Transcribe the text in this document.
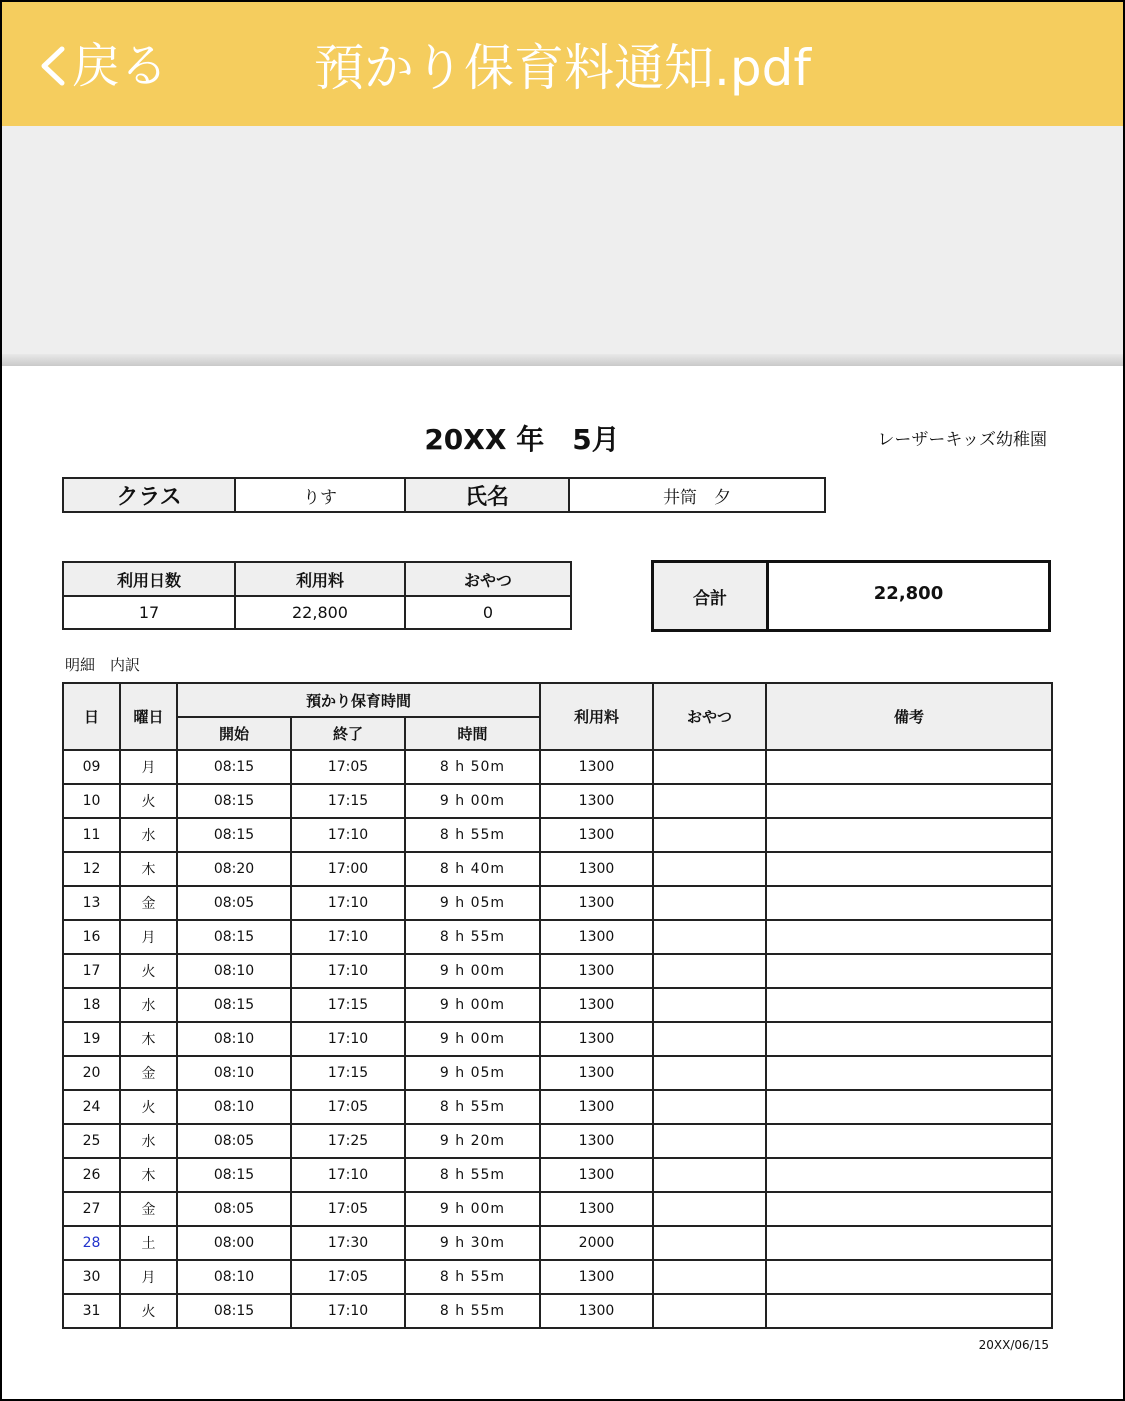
戻る	預かり保育料通知.pdf
20XX 年　5月	レーザーキッズ幼稚園
クラス	りす	氏名	井筒　夕
利用日数	利用料	おやつ
17	22,800	0
合計	22,800
明細　内訳
日	曜日	預かり保育時間			利用料	おやつ	備考
		開始	終了	時間			
09	月	08:15	17:05	8 h 50m	1300		
10	火	08:15	17:15	9 h 00m	1300		
11	水	08:15	17:10	8 h 55m	1300		
12	木	08:20	17:00	8 h 40m	1300		
13	金	08:05	17:10	9 h 05m	1300		
16	月	08:15	17:10	8 h 55m	1300		
17	火	08:10	17:10	9 h 00m	1300		
18	水	08:15	17:15	9 h 00m	1300		
19	木	08:10	17:10	9 h 00m	1300		
20	金	08:10	17:15	9 h 05m	1300		
24	火	08:10	17:05	8 h 55m	1300		
25	水	08:05	17:25	9 h 20m	1300		
26	木	08:15	17:10	8 h 55m	1300		
27	金	08:05	17:05	9 h 00m	1300		
28	土	08:00	17:30	9 h 30m	2000		
30	月	08:10	17:05	8 h 55m	1300		
31	火	08:15	17:10	8 h 55m	1300		
20XX/06/15
